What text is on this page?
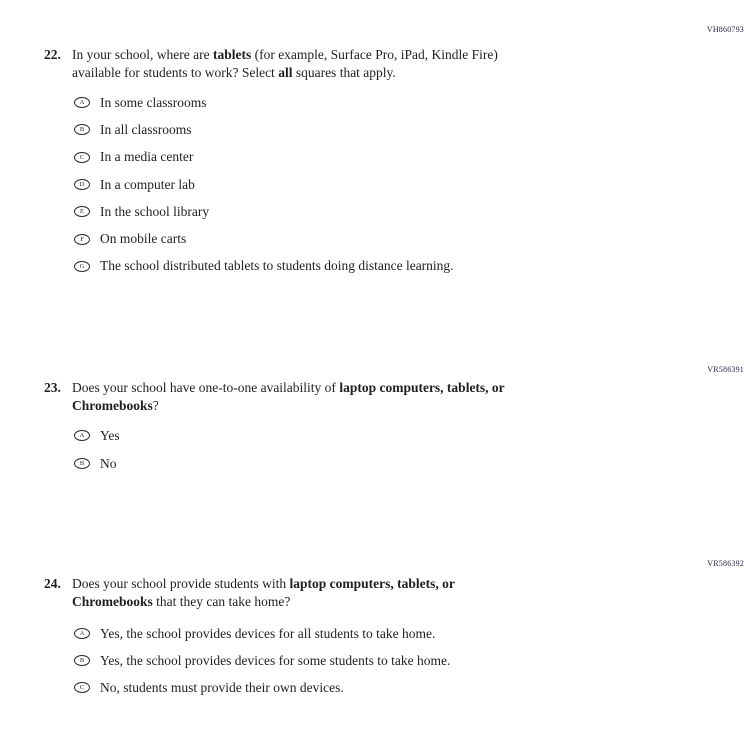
VH860793
22. In your school, where are tablets (for example, Surface Pro, iPad, Kindle Fire)
available for students to work? Select all squares that apply.
A In some classrooms
B In all classrooms
C In a media center
D In a computer lab
E In the school library
F On mobile carts
G The school distributed tablets to students doing distance learning.
VR586391
23. Does your school have one-to-one availability of laptop computers, tablets, or
Chromebooks?
A Yes
B No
VR586392
24. Does your school provide students with laptop computers, tablets, or
Chromebooks that they can take home?
A Yes, the school provides devices for all students to take home.
B Yes, the school provides devices for some students to take home.
C No, students must provide their own devices.
